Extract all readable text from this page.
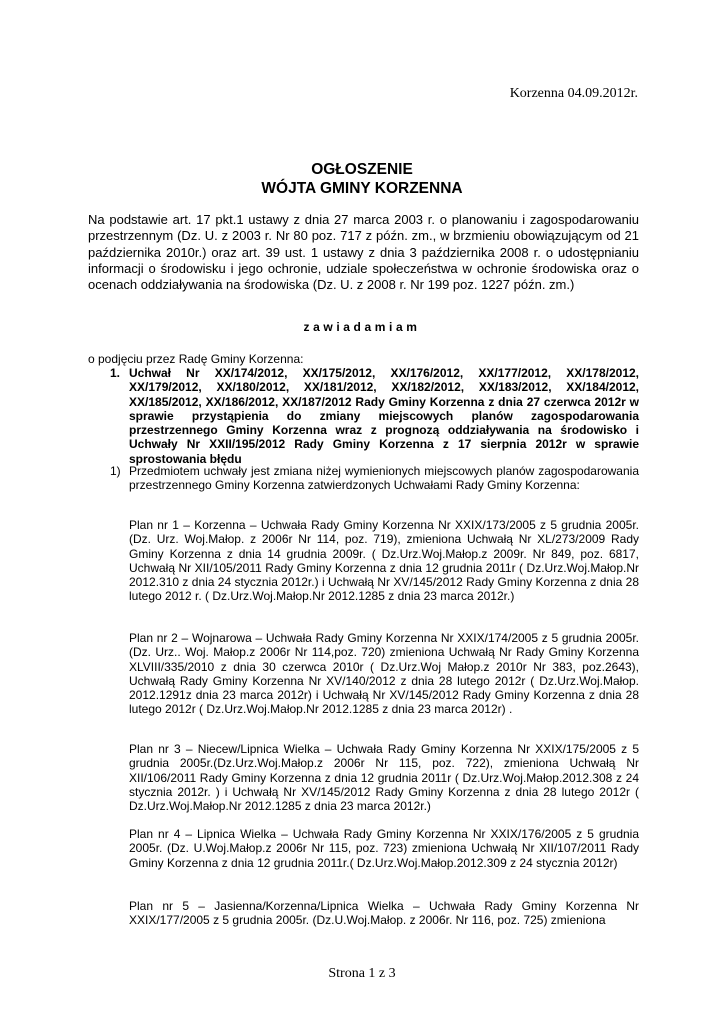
Korzenna 04.09.2012r.
OGŁOSZENIE
WÓJTA GMINY KORZENNA
Na podstawie art. 17 pkt.1 ustawy z dnia 27 marca 2003 r. o planowaniu i zagospodarowaniu przestrzennym (Dz. U. z 2003 r. Nr 80 poz. 717 z późn. zm., w brzmieniu obowiązującym od 21 października 2010r.) oraz art. 39 ust. 1 ustawy z dnia 3 października 2008 r. o udostępnianiu informacji o środowisku i jego ochronie, udziale społeczeństwa w ochronie środowiska oraz o ocenach oddziaływania na środowiska (Dz. U. z 2008 r. Nr 199 poz. 1227 późn. zm.)
zawiadamiam
o podjęciu przez Radę Gminy Korzenna:
1. Uchwał Nr XX/174/2012, XX/175/2012, XX/176/2012, XX/177/2012, XX/178/2012, XX/179/2012, XX/180/2012, XX/181/2012, XX/182/2012, XX/183/2012, XX/184/2012, XX/185/2012, XX/186/2012, XX/187/2012 Rady Gminy Korzenna z dnia 27 czerwca 2012r w sprawie przystąpienia do zmiany miejscowych planów zagospodarowania przestrzennego Gminy Korzenna wraz z prognozą oddziaływania na środowisko i Uchwały Nr XXII/195/2012 Rady Gminy Korzenna z 17 sierpnia 2012r w sprawie sprostowania błędu
1) Przedmiotem uchwały jest zmiana niżej wymienionych miejscowych planów zagospodarowania przestrzennego Gminy Korzenna zatwierdzonych Uchwałami Rady Gminy Korzenna:
Plan nr 1 – Korzenna – Uchwała Rady Gminy Korzenna Nr XXIX/173/2005 z 5 grudnia 2005r. (Dz. Urz. Woj.Małop. z 2006r Nr 114, poz. 719), zmieniona Uchwałą Nr XL/273/2009 Rady Gminy Korzenna z dnia 14 grudnia 2009r. ( Dz.Urz.Woj.Małop.z 2009r. Nr 849, poz. 6817, Uchwałą Nr XII/105/2011 Rady Gminy Korzenna z dnia 12 grudnia 2011r ( Dz.Urz.Woj.Małop.Nr 2012.310 z dnia 24 stycznia 2012r.) i Uchwałą Nr XV/145/2012 Rady Gminy Korzenna z dnia 28 lutego 2012 r. ( Dz.Urz.Woj.Małop.Nr 2012.1285 z dnia 23 marca 2012r.)
Plan nr 2 – Wojnarowa – Uchwała Rady Gminy Korzenna Nr XXIX/174/2005 z 5 grudnia 2005r. (Dz. Urz.. Woj. Małop.z 2006r Nr 114,poz. 720) zmieniona Uchwałą Nr Rady Gminy Korzenna XLVIII/335/2010 z dnia 30 czerwca 2010r ( Dz.Urz.Woj Małop.z 2010r Nr 383, poz.2643), Uchwałą Rady Gminy Korzenna Nr XV/140/2012 z dnia 28 lutego 2012r ( Dz.Urz.Woj.Małop. 2012.1291z dnia 23 marca 2012r) i Uchwałą Nr XV/145/2012 Rady Gminy Korzenna z dnia 28 lutego 2012r ( Dz.Urz.Woj.Małop.Nr 2012.1285 z dnia 23 marca 2012r) .
Plan nr 3 – Niecew/Lipnica Wielka – Uchwała Rady Gminy Korzenna Nr XXIX/175/2005 z 5 grudnia 2005r.(Dz.Urz.Woj.Małop.z 2006r Nr 115, poz. 722), zmieniona Uchwałą Nr XII/106/2011 Rady Gminy Korzenna z dnia 12 grudnia 2011r ( Dz.Urz.Woj.Małop.2012.308 z 24 stycznia 2012r. ) i Uchwałą Nr XV/145/2012 Rady Gminy Korzenna z dnia 28 lutego 2012r ( Dz.Urz.Woj.Małop.Nr 2012.1285 z dnia 23 marca 2012r.)
Plan nr 4 – Lipnica Wielka – Uchwała Rady Gminy Korzenna Nr XXIX/176/2005 z 5 grudnia 2005r. (Dz. U.Woj.Małop.z 2006r Nr 115, poz. 723) zmieniona Uchwałą Nr XII/107/2011 Rady Gminy Korzenna z dnia 12 grudnia 2011r.( Dz.Urz.Woj.Małop.2012.309 z 24 stycznia 2012r)
Plan nr 5 – Jasienna/Korzenna/Lipnica Wielka – Uchwała Rady Gminy Korzenna Nr XXIX/177/2005 z 5 grudnia 2005r. (Dz.U.Woj.Małop. z 2006r. Nr 116, poz. 725) zmieniona
Strona 1 z 3
